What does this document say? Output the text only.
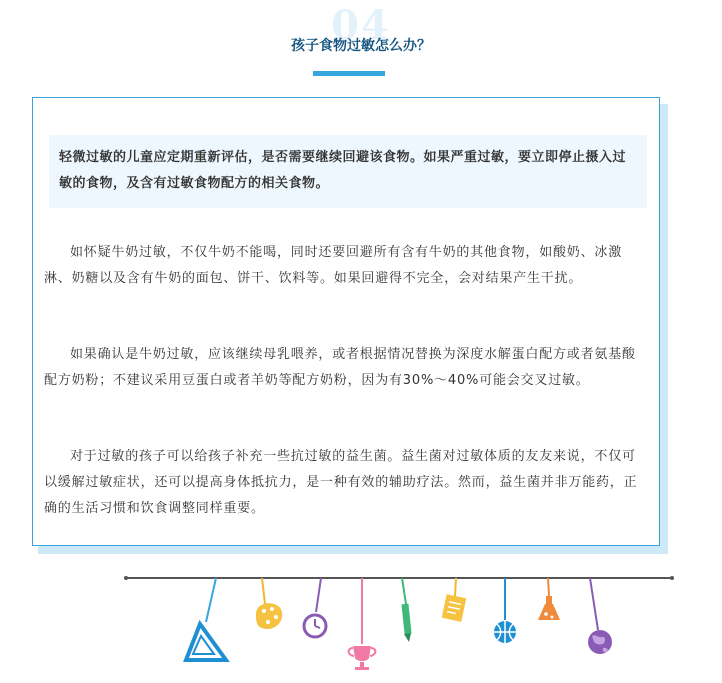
04
孩子食物过敏怎么办？
轻微过敏的儿童应定期重新评估，是否需要继续回避该食物。如果严重过敏，要立即停止摄入过敏的食物，及含有过敏食物配方的相关食物。

如怀疑牛奶过敏，不仅牛奶不能喝，同时还要回避所有含有牛奶的其他食物，如酸奶、冰激淋、奶糖以及含有牛奶的面包、饼干、饮料等。如果回避得不完全，会对结果产生干扰。

如果确认是牛奶过敏，应该继续母乳喂养，或者根据情况替换为深度水解蛋白配方或者氨基酸配方奶粉；不建议采用豆蛋白或者羊奶等配方奶粉，因为有30%～40%可能会交叉过敏。

对于过敏的孩子可以给孩子补充一些抗过敏的益生菌。益生菌对过敏体质的友友来说，不仅可以缓解过敏症状，还可以提高身体抵抗力，是一种有效的辅助疗法。然而，益生菌并非万能药，正确的生活习惯和饮食调整同样重要。
